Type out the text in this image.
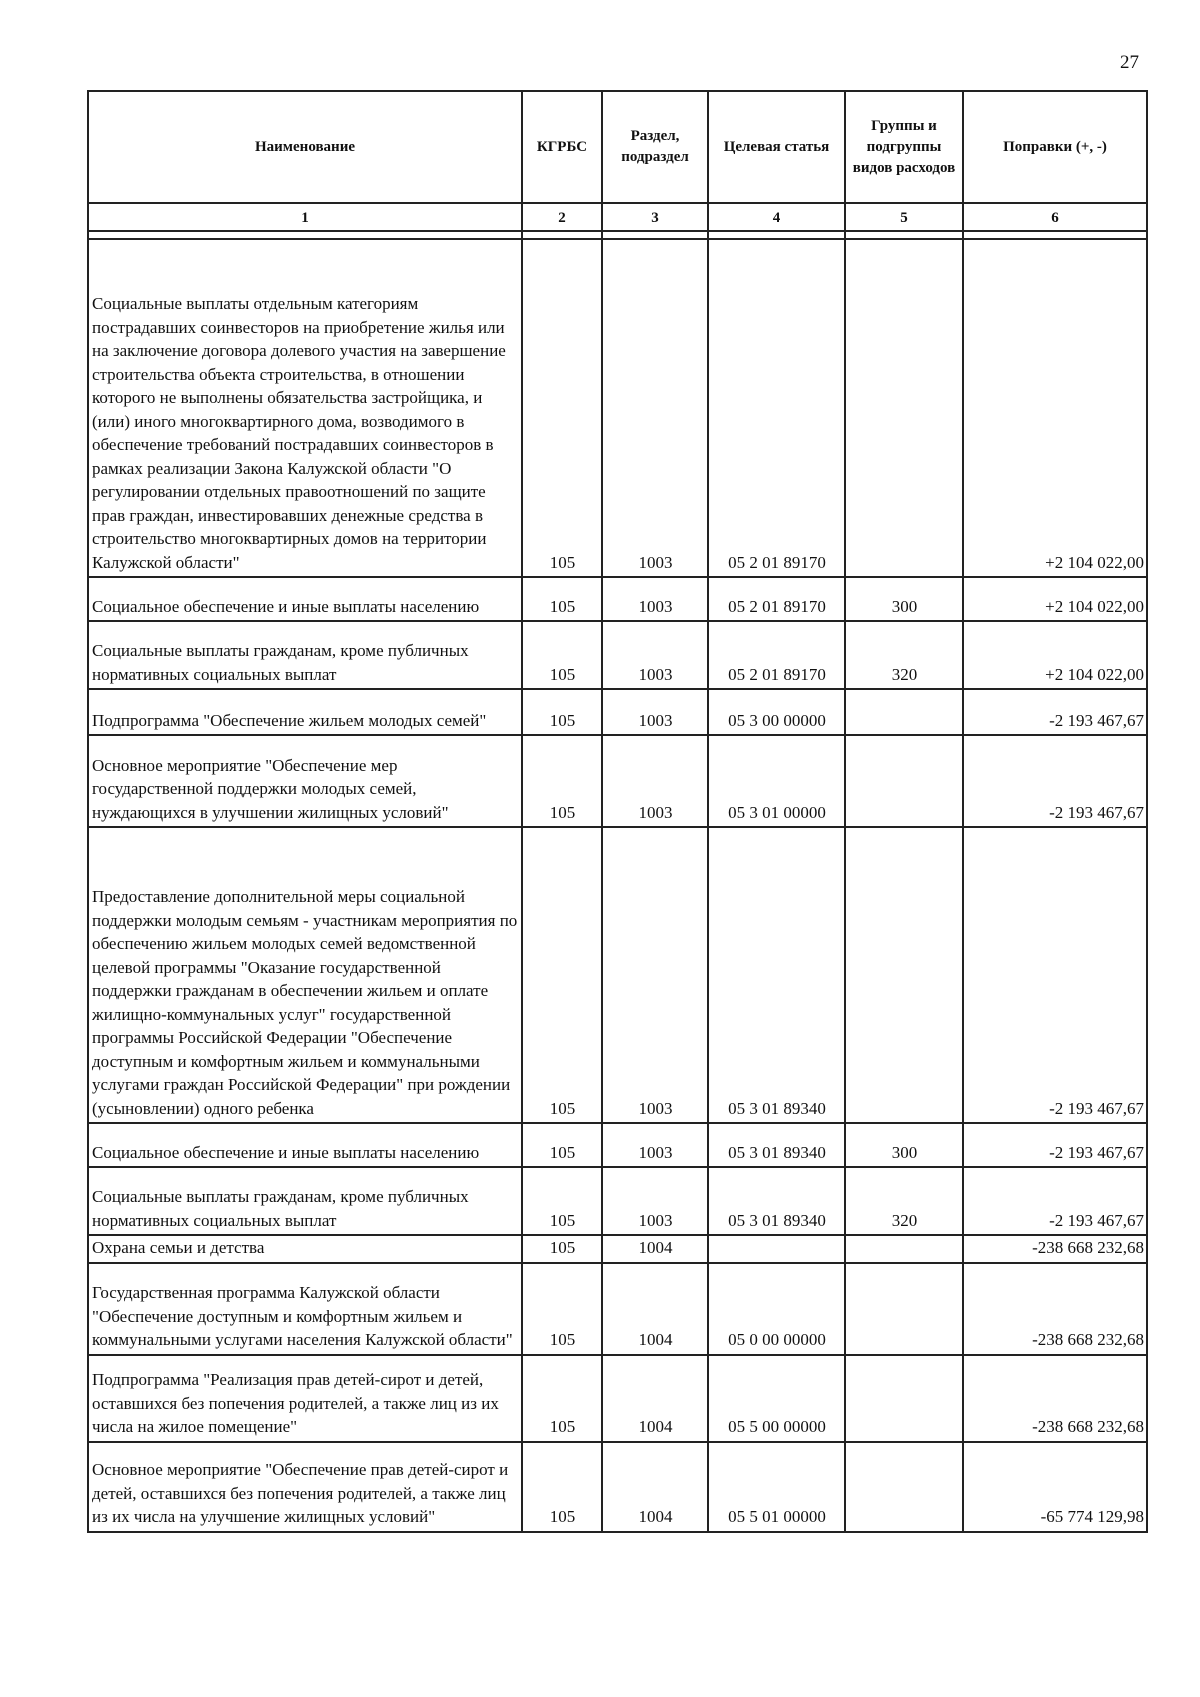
27
Наименование	КГРБС	Раздел, подраздел	Целевая статья	Группы и подгруппы видов расходов	Поправки (+, -)
1	2	3	4	5	6

Социальные выплаты отдельным категориям пострадавших соинвесторов на приобретение жилья или на заключение договора долевого участия на завершение строительства объекта строительства, в отношении которого не выполнены обязательства застройщика, и (или) иного многоквартирного дома, возводимого в обеспечение требований пострадавших соинвесторов в рамках реализации Закона Калужской области "О регулировании отдельных правоотношений по защите прав граждан, инвестировавших денежные средства в строительство многоквартирных домов на территории Калужской области"	105	1003	05 2 01 89170		+2 104 022,00
Социальное обеспечение и иные выплаты населению	105	1003	05 2 01 89170	300	+2 104 022,00
Социальные выплаты гражданам, кроме публичных нормативных социальных выплат	105	1003	05 2 01 89170	320	+2 104 022,00
Подпрограмма "Обеспечение жильем молодых семей"	105	1003	05 3 00 00000		-2 193 467,67
Основное мероприятие "Обеспечение мер государственной поддержки молодых семей, нуждающихся в улучшении жилищных условий"	105	1003	05 3 01 00000		-2 193 467,67
Предоставление дополнительной меры социальной поддержки молодым семьям - участникам мероприятия по обеспечению жильем молодых семей ведомственной целевой программы "Оказание государственной поддержки гражданам в обеспечении жильем и оплате жилищно-коммунальных услуг" государственной программы Российской Федерации "Обеспечение доступным и комфортным жильем и коммунальными услугами граждан Российской Федерации" при рождении (усыновлении) одного ребенка	105	1003	05 3 01 89340		-2 193 467,67
Социальное обеспечение и иные выплаты населению	105	1003	05 3 01 89340	300	-2 193 467,67
Социальные выплаты гражданам, кроме публичных нормативных социальных выплат	105	1003	05 3 01 89340	320	-2 193 467,67
Охрана семьи и детства	105	1004			-238 668 232,68
Государственная программа Калужской области "Обеспечение доступным и комфортным жильем и коммунальными услугами населения Калужской области"	105	1004	05 0 00 00000		-238 668 232,68
Подпрограмма "Реализация прав детей-сирот и детей, оставшихся без попечения родителей, а также лиц из их числа на жилое помещение"	105	1004	05 5 00 00000		-238 668 232,68
Основное мероприятие "Обеспечение прав детей-сирот и детей, оставшихся без попечения родителей, а также лиц из их числа на улучшение жилищных условий"	105	1004	05 5 01 00000		-65 774 129,98
